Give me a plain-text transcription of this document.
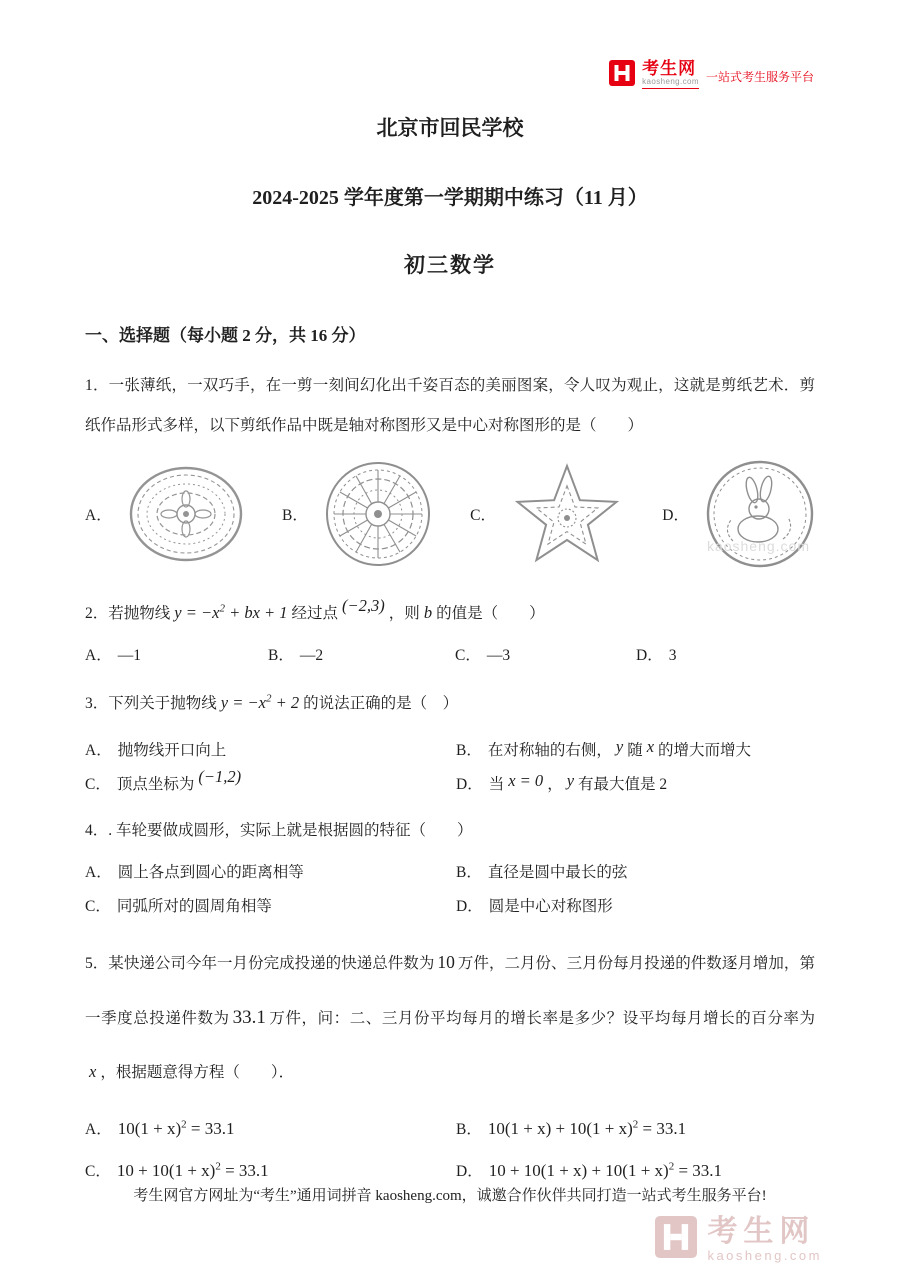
考生网
kaosheng.com 一站式考生服务平台
北京市回民学校
2024-2025 学年度第一学期期中练习（11 月）
初三数学
一、选择题（每小题 2 分，共 16 分）

1．一张薄纸，一双巧手，在一剪一刻间幻化出千姿百态的美丽图案，令人叹为观止，这就是剪纸艺术．剪纸作品形式多样，以下剪纸作品中既是轴对称图形又是中心对称图形的是（　　）

A．	B．	C．	D．

2．若抛物线 $y = -x^2$ + bx + 1 经过点 (−2,3) ，则 b 的值是（　　）

A． —1	B． —2	C． —3	D． 3

3．下列关于抛物线 $y = -x^2 + 2$ 的说法正确的是（　）

A． 抛物线开口向上	B． 在对称轴的右侧， y 随 x 的增大而增大
C． 顶点坐标为 (−1,2)	D． 当 x = 0 ， y 有最大值是 2

4．. 车轮要做成圆形，实际上就是根据圆的特征（　　）

A． 圆上各点到圆心的距离相等	B． 直径是圆中最长的弦
C． 同弧所对的圆周角相等	D． 圆是中心对称图形

5．某快递公司今年一月份完成投递的快递总件数为 10 万件，二月份、三月份每月投递的件数逐月增加，第一季度总投递件数为 33.1 万件，问：二、三月份平均每月的增长率是多少？设平均每月增长的百分率为x ，根据题意得方程（　　）．

A． $10(1 + x)^2 = 33.1$	B． $10(1 + x) + 10(1 + x)^2 = 33.1$
C． $10 + 10(1 + x)^2 = 33.1$	D． $10 + 10(1 + x) + 10(1 + x)^2 = 33.1$
kaosheng.com
考生网官方网址为“考生”通用词拼音 kaosheng.com，诚邀合作伙伴共同打造一站式考生服务平台!
考生网
kaosheng.com
